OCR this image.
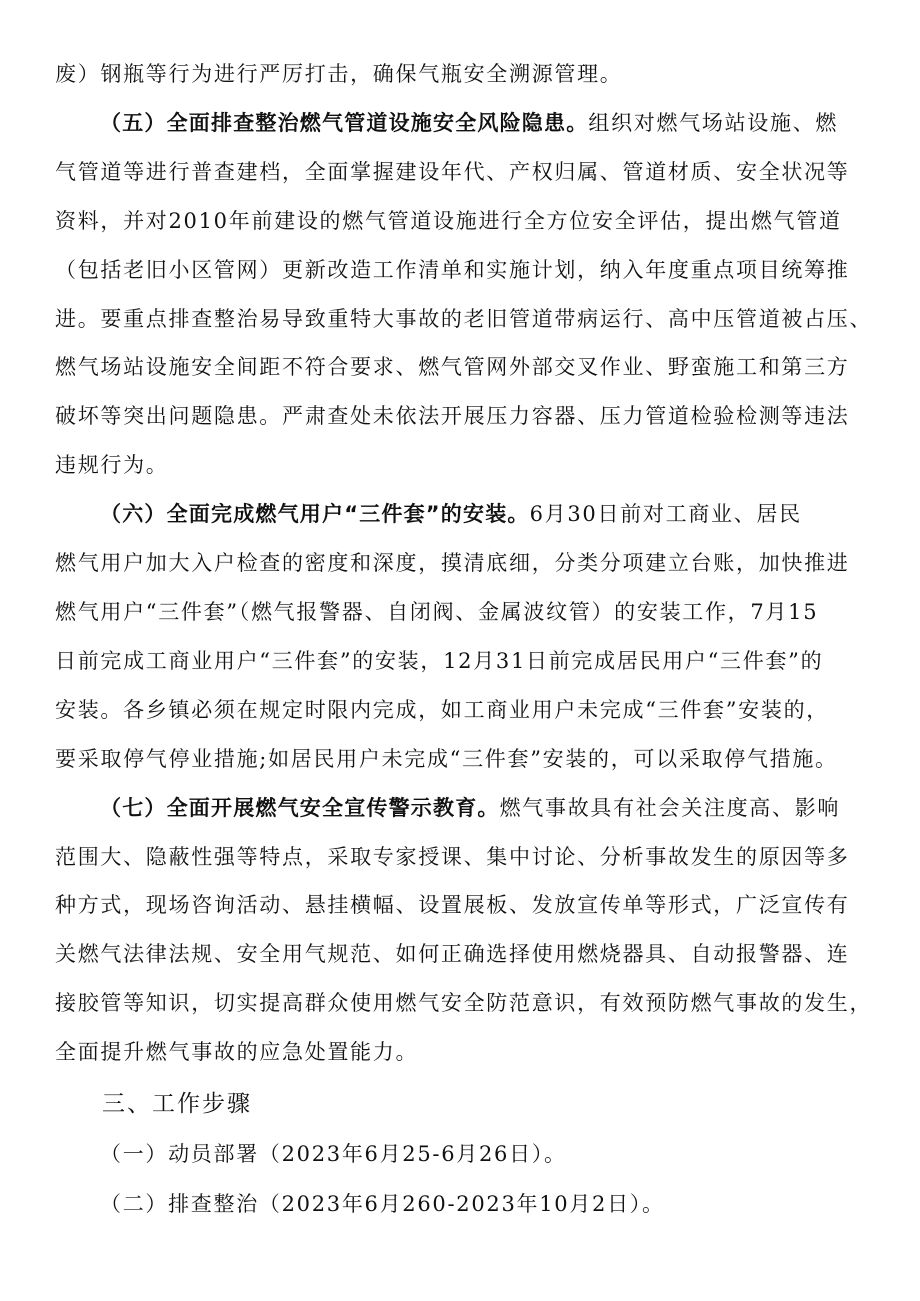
废）钢瓶等行为进行严厉打击，确保气瓶安全溯源管理。
（五）全面排查整治燃气管道设施安全风险隐患。组织对燃气场站设施、燃
气管道等进行普查建档，全面掌握建设年代、产权归属、管道材质、安全状况等
资料，并对2010年前建设的燃气管道设施进行全方位安全评估，提出燃气管道
（包括老旧小区管网）更新改造工作清单和实施计划，纳入年度重点项目统筹推
进。要重点排查整治易导致重特大事故的老旧管道带病运行、高中压管道被占压、
燃气场站设施安全间距不符合要求、燃气管网外部交叉作业、野蛮施工和第三方
破坏等突出问题隐患。严肃查处未依法开展压力容器、压力管道检验检测等违法
违规行为。
（六）全面完成燃气用户“三件套”的安装。6月30日前对工商业、居民
燃气用户加大入户检查的密度和深度，摸清底细，分类分项建立台账，加快推进
燃气用户“三件套”（燃气报警器、自闭阀、金属波纹管）的安装工作，7月15
日前完成工商业用户“三件套”的安装，12月31日前完成居民用户“三件套”的
安装。各乡镇必须在规定时限内完成，如工商业用户未完成“三件套”安装的，
要采取停气停业措施;如居民用户未完成“三件套”安装的，可以采取停气措施。
（七）全面开展燃气安全宣传警示教育。燃气事故具有社会关注度高、影响
范围大、隐蔽性强等特点，采取专家授课、集中讨论、分析事故发生的原因等多
种方式，现场咨询活动、悬挂横幅、设置展板、发放宣传单等形式，广泛宣传有
关燃气法律法规、安全用气规范、如何正确选择使用燃烧器具、自动报警器、连
接胶管等知识，切实提高群众使用燃气安全防范意识，有效预防燃气事故的发生，
全面提升燃气事故的应急处置能力。
三、工作步骤
（一）动员部署（2023年6月25-6月26日）。
（二）排查整治（2023年6月260-2023年10月2日）。
